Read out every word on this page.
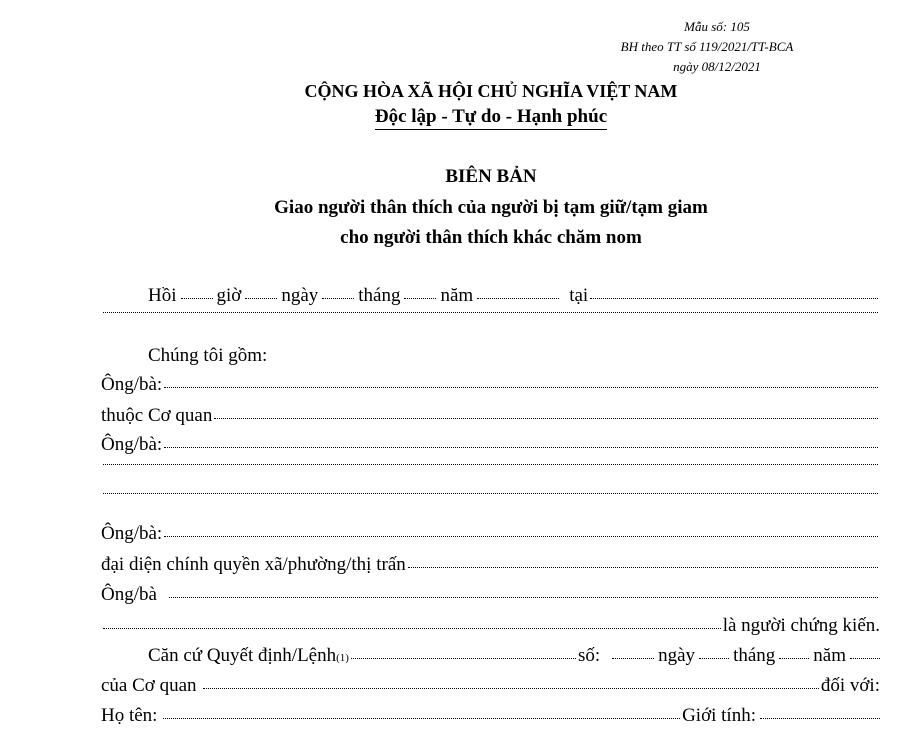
Mẫu số: 105
BH theo TT số 119/2021/TT-BCA
ngày 08/12/2021
CỘNG HÒA XÃ HỘI CHỦ NGHĨA VIỆT NAM
Độc lập - Tự do - Hạnh phúc
BIÊN BẢN
Giao người thân thích của người bị tạm giữ/tạm giam
cho người thân thích khác chăm nom
Hồi giờ ngày tháng năm	tại
Chúng tôi gồm:
Ông/bà:
thuộc Cơ quan
Ông/bà:
Ông/bà:
đại diện chính quyền xã/phường/thị trấn
Ông/bà
là người chứng kiến.
Căn cứ Quyết định/Lệnh (1)	số:	ngày tháng năm
của Cơ quan	đối với:
Họ tên:	Giới tính:
